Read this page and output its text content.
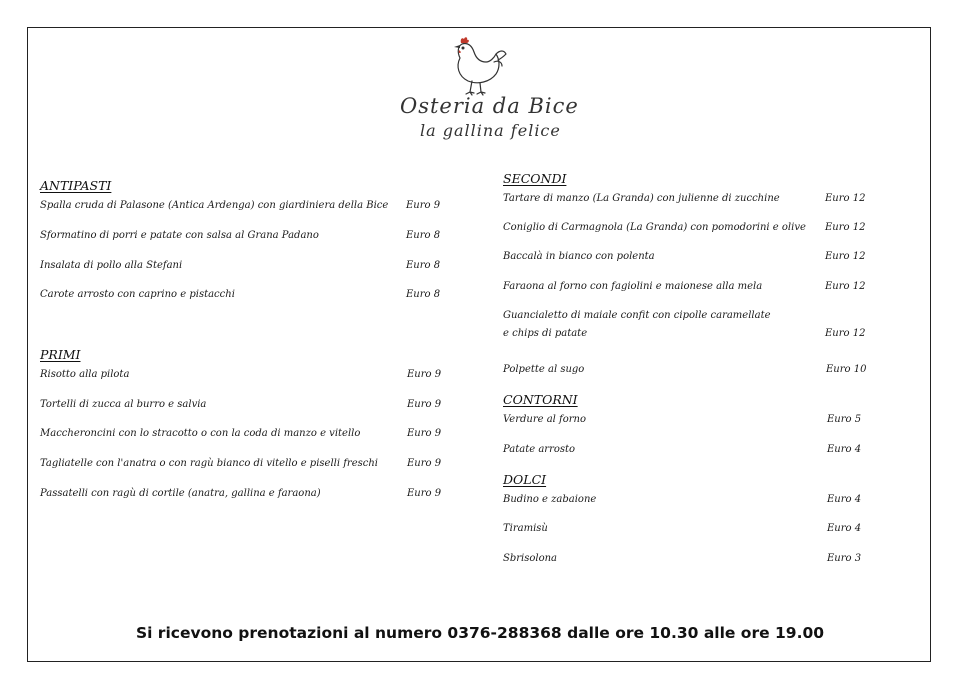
Osteria da Bice
la gallina felice
ANTIPASTI
Spalla cruda di Palasone (Antica Ardenga) con giardiniera della Bice Euro 9
Sformatino di porri e patate con salsa al Grana Padano	Euro 8
Insalata di pollo alla Stefani	Euro 8
Carote arrosto con caprino e pistacchi	Euro 8
PRIMI
Risotto alla pilota	Euro 9
Tortelli di zucca al burro e salvia	Euro 9
Maccheroncini con lo stracotto o con la coda di manzo e vitello	Euro 9
Tagliatelle con l'anatra o con ragù bianco di vitello e piselli freschi	Euro 9
Passatelli con ragù di cortile (anatra, gallina e faraona)	Euro 9
SECONDI
Tartare di manzo (La Granda) con julienne di zucchine	Euro 12
Coniglio di Carmagnola (La Granda) con pomodorini e olive Euro 12
Baccalà in bianco con polenta	Euro 12
Faraona al forno con fagiolini e maionese alla mela	Euro 12
Guancialetto di maiale confit con cipolle caramellate
e chips di patate	Euro 12
Polpette al sugo	Euro 10
CONTORNI
Verdure al forno	Euro 5
Patate arrosto	Euro 4
DOLCI
Budino e zabaione	Euro 4
Tiramisù	Euro 4
Sbrisolona	Euro 3
Si ricevono prenotazioni al numero 0376-288368 dalle ore 10.30 alle ore 19.00
